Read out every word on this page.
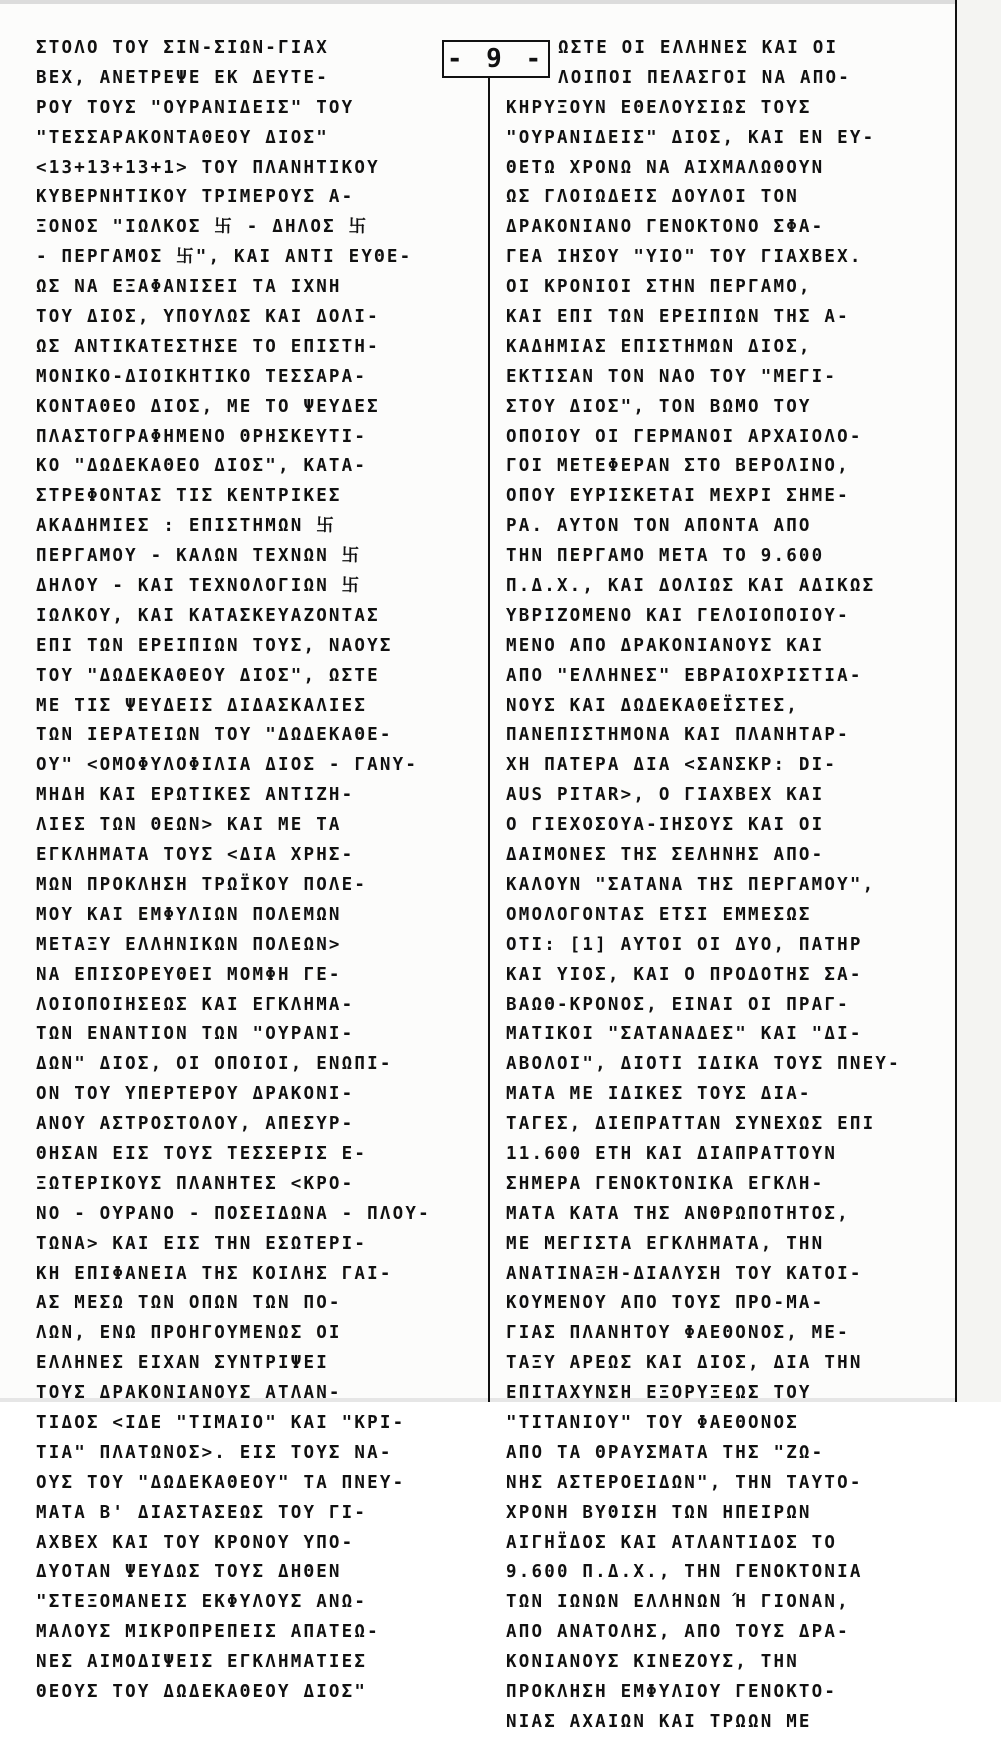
ΣΤΟΛΟ ΤΟΥ ΣΙΝ-ΣΙΩΝ-ΓΙΑΧ
ΒΕΧ, ΑΝΕΤΡΕΨΕ ΕΚ ΔΕΥΤΕ-
ΡΟΥ ΤΟΥΣ "ΟΥΡΑΝΙΔΕΙΣ" ΤΟΥ
"ΤΕΣΣΑΡΑΚΟΝΤΑΘΕΟΥ ΔΙΟΣ"
<13+13+13+1> ΤΟΥ ΠΛΑΝΗΤΙΚΟΥ
ΚΥΒΕΡΝΗΤΙΚΟΥ ΤΡΙΜΕΡΟΥΣ Α-
ΞΟΝΟΣ "ΙΩΛΚΟΣ 卐 - ΔΗΛΟΣ 卐
- ΠΕΡΓΑΜΟΣ 卐", ΚΑΙ ΑΝΤΙ ΕΥΘΕ-
ΩΣ ΝΑ ΕΞΑΦΑΝΙΣΕΙ ΤΑ ΙΧΝΗ
ΤΟΥ ΔΙΟΣ, ΥΠΟΥΛΩΣ ΚΑΙ ΔΟΛΙ-
ΩΣ ΑΝΤΙΚΑΤΕΣΤΗΣΕ ΤΟ ΕΠΙΣΤΗ-
ΜΟΝΙΚΟ-ΔΙΟΙΚΗΤΙΚΟ ΤΕΣΣΑΡΑ-
ΚΟΝΤΑΘΕΟ ΔΙΟΣ, ΜΕ ΤΟ ΨΕΥΔΕΣ
ΠΛΑΣΤΟΓΡΑΦΗΜΕΝΟ ΘΡΗΣΚΕΥΤΙ-
ΚΟ "ΔΩΔΕΚΑΘΕΟ ΔΙΟΣ", ΚΑΤΑ-
ΣΤΡΕΦΟΝΤΑΣ ΤΙΣ ΚΕΝΤΡΙΚΕΣ
ΑΚΑΔΗΜΙΕΣ : ΕΠΙΣΤΗΜΩΝ 卐
ΠΕΡΓΑΜΟΥ - ΚΑΛΩΝ ΤΕΧΝΩΝ 卐
ΔΗΛΟΥ - ΚΑΙ ΤΕΧΝΟΛΟΓΙΩΝ 卐
ΙΩΛΚΟΥ, ΚΑΙ ΚΑΤΑΣΚΕΥΑΖΟΝΤΑΣ
ΕΠΙ ΤΩΝ ΕΡΕΙΠΙΩΝ ΤΟΥΣ, ΝΑΟΥΣ
ΤΟΥ "ΔΩΔΕΚΑΘΕΟΥ ΔΙΟΣ", ΩΣΤΕ
ΜΕ ΤΙΣ ΨΕΥΔΕΙΣ ΔΙΔΑΣΚΑΛΙΕΣ
ΤΩΝ ΙΕΡΑΤΕΙΩΝ ΤΟΥ "ΔΩΔΕΚΑΘΕ-
ΟΥ" <ΟΜΟΦΥΛΟΦΙΛΙΑ ΔΙΟΣ - ΓΑΝΥ-
ΜΗΔΗ ΚΑΙ ΕΡΩΤΙΚΕΣ ΑΝΤΙΖΗ-
ΛΙΕΣ ΤΩΝ ΘΕΩΝ> ΚΑΙ ΜΕ ΤΑ
ΕΓΚΛΗΜΑΤΑ ΤΟΥΣ <ΔΙΑ ΧΡΗΣ-
ΜΩΝ ΠΡΟΚΛΗΣΗ ΤΡΩΪΚΟΥ ΠΟΛΕ-
ΜΟΥ ΚΑΙ ΕΜΦΥΛΙΩΝ ΠΟΛΕΜΩΝ
ΜΕΤΑΞΥ ΕΛΛΗΝΙΚΩΝ ΠΟΛΕΩΝ>
ΝΑ ΕΠΙΣΟΡΕΥΘΕΙ ΜΟΜΦΗ ΓΕ-
ΛΟΙΟΠΟΙΗΣΕΩΣ ΚΑΙ ΕΓΚΛΗΜΑ-
ΤΩΝ ΕΝΑΝΤΙΟΝ ΤΩΝ "ΟΥΡΑΝΙ-
ΔΩΝ" ΔΙΟΣ, ΟΙ ΟΠΟΙΟΙ, ΕΝΩΠΙ-
ΟΝ ΤΟΥ ΥΠΕΡΤΕΡΟΥ ΔΡΑΚΟΝΙ-
ΑΝΟΥ ΑΣΤΡΟΣΤΟΛΟΥ, ΑΠΕΣΥΡ-
ΘΗΣΑΝ ΕΙΣ ΤΟΥΣ ΤΕΣΣΕΡΙΣ Ε-
ΞΩΤΕΡΙΚΟΥΣ ΠΛΑΝΗΤΕΣ <ΚΡΟ-
ΝΟ - ΟΥΡΑΝΟ - ΠΟΣΕΙΔΩΝΑ - ΠΛΟΥ-
ΤΩΝΑ> ΚΑΙ ΕΙΣ ΤΗΝ ΕΣΩΤΕΡΙ-
ΚΗ ΕΠΙΦΑΝΕΙΑ ΤΗΣ ΚΟΙΛΗΣ ΓΑΙ-
ΑΣ ΜΕΣΩ ΤΩΝ ΟΠΩΝ ΤΩΝ ΠΟ-
ΛΩΝ, ΕΝΩ ΠΡΟΗΓΟΥΜΕΝΩΣ ΟΙ
ΕΛΛΗΝΕΣ ΕΙΧΑΝ ΣΥΝΤΡΙΨΕΙ
ΤΟΥΣ ΔΡΑΚΟΝΙΑΝΟΥΣ ΑΤΛΑΝ-
ΤΙΔΟΣ <ΙΔΕ "ΤΙΜΑΙΟ" ΚΑΙ "ΚΡΙ-
ΤΙΑ" ΠΛΑΤΩΝΟΣ>. ΕΙΣ ΤΟΥΣ ΝΑ-
ΟΥΣ ΤΟΥ "ΔΩΔΕΚΑΘΕΟΥ" ΤΑ ΠΝΕΥ-
ΜΑΤΑ Β' ΔΙΑΣΤΑΣΕΩΣ ΤΟΥ ΓΙ-
ΑΧΒΕΧ ΚΑΙ ΤΟΥ ΚΡΟΝΟΥ ΥΠΟ-
ΔΥΟΤΑΝ ΨΕΥΔΩΣ ΤΟΥΣ ΔΗΘΕΝ
"ΣΤΕΞΟΜΑΝΕΙΣ ΕΚΦΥΛΟΥΣ ΑΝΩ-
ΜΑΛΟΥΣ ΜΙΚΡΟΠΡΕΠΕΙΣ ΑΠΑΤΕΩ-
ΝΕΣ ΑΙΜΟΔΙΨΕΙΣ ΕΓΚΛΗΜΑΤΙΕΣ
ΘΕΟΥΣ ΤΟΥ ΔΩΔΕΚΑΘΕΟΥ ΔΙΟΣ"
ΩΣΤΕ ΟΙ ΕΛΛΗΝΕΣ ΚΑΙ ΟΙ
ΛΟΙΠΟΙ ΠΕΛΑΣΓΟΙ ΝΑ ΑΠΟ-
ΚΗΡΥΞΟΥΝ ΕΘΕΛΟΥΣΙΩΣ ΤΟΥΣ
"ΟΥΡΑΝΙΔΕΙΣ" ΔΙΟΣ, ΚΑΙ ΕΝ ΕΥ-
ΘΕΤΩ ΧΡΟΝΩ ΝΑ ΑΙΧΜΑΛΩΘΟΥΝ
ΩΣ ΓΛΟΙΩΔΕΙΣ ΔΟΥΛΟΙ ΤΟΝ
ΔΡΑΚΟΝΙΑΝΟ ΓΕΝΟΚΤΟΝΟ ΣΦΑ-
ΓΕΑ ΙΗΣΟΥ "ΥΙΟ" ΤΟΥ ΓΙΑΧΒΕΧ.
ΟΙ ΚΡΟΝΙΟΙ ΣΤΗΝ ΠΕΡΓΑΜΟ,
ΚΑΙ ΕΠΙ ΤΩΝ ΕΡΕΙΠΙΩΝ ΤΗΣ Α-
ΚΑΔΗΜΙΑΣ ΕΠΙΣΤΗΜΩΝ ΔΙΟΣ,
ΕΚΤΙΣΑΝ ΤΟΝ ΝΑΟ ΤΟΥ "ΜΕΓΙ-
ΣΤΟΥ ΔΙΟΣ", ΤΟΝ ΒΩΜΟ ΤΟΥ
ΟΠΟΙΟΥ ΟΙ ΓΕΡΜΑΝΟΙ ΑΡΧΑΙΟΛΟ-
ΓΟΙ ΜΕΤΕΦΕΡΑΝ ΣΤΟ ΒΕΡΟΛΙΝΟ,
ΟΠΟΥ ΕΥΡΙΣΚΕΤΑΙ ΜΕΧΡΙ ΣΗΜΕ-
ΡΑ. ΑΥΤΟΝ ΤΟΝ ΑΠΟΝΤΑ ΑΠΟ
ΤΗΝ ΠΕΡΓΑΜΟ ΜΕΤΑ ΤΟ 9.600
Π.Δ.Χ., ΚΑΙ ΔΟΛΙΩΣ ΚΑΙ ΑΔΙΚΩΣ
ΥΒΡΙΖΟΜΕΝΟ ΚΑΙ ΓΕΛΟΙΟΠΟΙΟΥ-
ΜΕΝΟ ΑΠΟ ΔΡΑΚΟΝΙΑΝΟΥΣ ΚΑΙ
ΑΠΟ "ΕΛΛΗΝΕΣ" ΕΒΡΑΙΟΧΡΙΣΤΙΑ-
ΝΟΥΣ ΚΑΙ ΔΩΔΕΚΑΘΕΪΣΤΕΣ,
ΠΑΝΕΠΙΣΤΗΜΟΝΑ ΚΑΙ ΠΛΑΝΗΤΑΡ-
ΧΗ ΠΑΤΕΡΑ ΔΙΑ <ΣΑΝΣΚΡ: DI-
ΑUS PITAR>, Ο ΓΙΑΧΒΕΧ ΚΑΙ
Ο ΓΙΕΧΟΣΟΥΑ-ΙΗΣΟΥΣ ΚΑΙ ΟΙ
ΔΑΙΜΟΝΕΣ ΤΗΣ ΣΕΛΗΝΗΣ ΑΠΟ-
ΚΑΛΟΥΝ "ΣΑΤΑΝΑ ΤΗΣ ΠΕΡΓΑΜΟΥ",
ΟΜΟΛΟΓΟΝΤΑΣ ΕΤΣΙ ΕΜΜΕΣΩΣ
ΟΤΙ: [1] ΑΥΤΟΙ ΟΙ ΔΥΟ, ΠΑΤΗΡ
ΚΑΙ ΥΙΟΣ, ΚΑΙ Ο ΠΡΟΔΟΤΗΣ ΣΑ-
ΒΑΩΘ-ΚΡΟΝΟΣ, ΕΙΝΑΙ ΟΙ ΠΡΑΓ-
ΜΑΤΙΚΟΙ "ΣΑΤΑΝΑΔΕΣ" ΚΑΙ "ΔΙ-
ΑΒΟΛΟΙ", ΔΙΟΤΙ ΙΔΙΚΑ ΤΟΥΣ ΠΝΕΥ-
ΜΑΤΑ ΜΕ ΙΔΙΚΕΣ ΤΟΥΣ ΔΙΑ-
ΤΑΓΕΣ, ΔΙΕΠΡΑΤΤΑΝ ΣΥΝΕΧΩΣ ΕΠΙ
11.600 ΕΤΗ ΚΑΙ ΔΙΑΠΡΑΤΤΟΥΝ
ΣΗΜΕΡΑ ΓΕΝΟΚΤΟΝΙΚΑ ΕΓΚΛΗ-
ΜΑΤΑ ΚΑΤΑ ΤΗΣ ΑΝΘΡΩΠΟΤΗΤΟΣ,
ΜΕ ΜΕΓΙΣΤΑ ΕΓΚΛΗΜΑΤΑ, ΤΗΝ
ΑΝΑΤΙΝΑΞΗ-ΔΙΑΛΥΣΗ ΤΟΥ ΚΑΤΟΙ-
ΚΟΥΜΕΝΟΥ ΑΠΟ ΤΟΥΣ ΠΡΟ-ΜΑ-
ΓΙΑΣ ΠΛΑΝΗΤΟΥ ΦΑΕΘΟΝΟΣ, ΜΕ-
ΤΑΞΥ ΑΡΕΩΣ ΚΑΙ ΔΙΟΣ, ΔΙΑ ΤΗΝ
ΕΠΙΤΑΧΥΝΣΗ ΕΞΟΡΥΞΕΩΣ ΤΟΥ
"ΤΙΤΑΝΙΟΥ" ΤΟΥ ΦΑΕΘΟΝΟΣ
ΑΠΟ ΤΑ ΘΡΑΥΣΜΑΤΑ ΤΗΣ "ΖΩ-
ΝΗΣ ΑΣΤΕΡΟΕΙΔΩΝ", ΤΗΝ ΤΑΥΤΟ-
ΧΡΟΝΗ ΒΥΘΙΣΗ ΤΩΝ ΗΠΕΙΡΩΝ
ΑΙΓΗΪΔΟΣ ΚΑΙ ΑΤΛΑΝΤΙΔΟΣ ΤΟ
9.600 Π.Δ.Χ., ΤΗΝ ΓΕΝΟΚΤΟΝΙΑ
ΤΩΝ ΙΩΝΩΝ ΕΛΛΗΝΩΝ Ή ΓΙΟΝΑΝ,
ΑΠΟ ΑΝΑΤΟΛΗΣ, ΑΠΟ ΤΟΥΣ ΔΡΑ-
ΚΟΝΙΑΝΟΥΣ ΚΙΝΕΖΟΥΣ, ΤΗΝ
ΠΡΟΚΛΗΣΗ ΕΜΦΥΛΙΟΥ ΓΕΝΟΚΤΟ-
ΝΙΑΣ ΑΧΑΙΩΝ ΚΑΙ ΤΡΩΩΝ ΜΕ
- 9 -
